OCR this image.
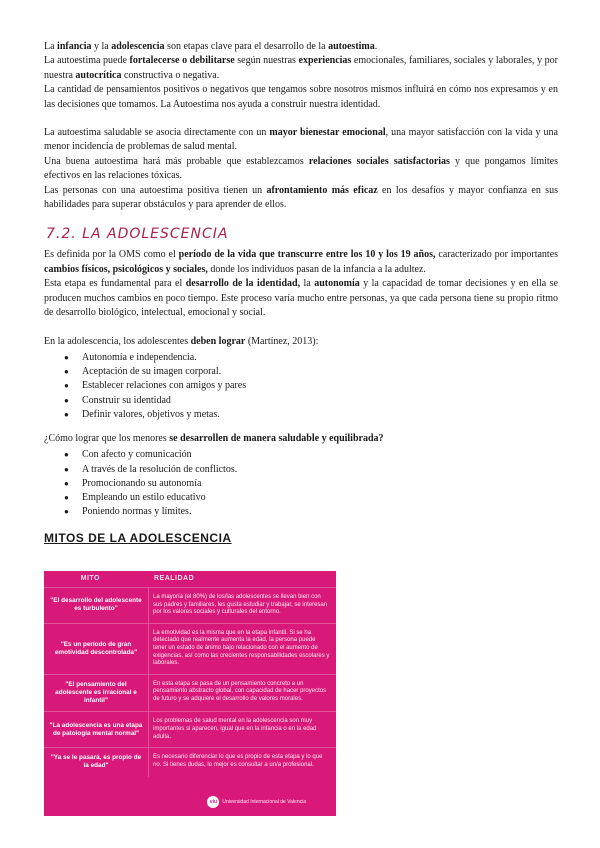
La infancia y la adolescencia son etapas clave para el desarrollo de la autoestima.

La autoestima puede fortalecerse o debilitarse según nuestras experiencias emocionales, familiares, sociales y laborales, y por nuestra autocrítica constructiva o negativa.

La cantidad de pensamientos positivos o negativos que tengamos sobre nosotros mismos influirá en cómo nos expresamos y en las decisiones que tomamos. La Autoestima nos ayuda a construir nuestra identidad.

La autoestima saludable se asocia directamente con un mayor bienestar emocional, una mayor satisfacción con la vida y una menor incidencia de problemas de salud mental.

Una buena autoestima hará más probable que establezcamos relaciones sociales satisfactorias y que pongamos límites efectivos en las relaciones tóxicas.

Las personas con una autoestima positiva tienen un afrontamiento más eficaz en los desafíos y mayor confianza en sus habilidades para superar obstáculos y para aprender de ellos.

7.2. LA ADOLESCENCIA

Es definida por la OMS como el período de la vida que transcurre entre los 10 y los 19 años, caracterizado por importantes cambios físicos, psicológicos y sociales, donde los individuos pasan de la infancia a la adultez.

Esta etapa es fundamental para el desarrollo de la identidad, la autonomía y la capacidad de tomar decisiones y en ella se producen muchos cambios en poco tiempo. Este proceso varía mucho entre personas, ya que cada persona tiene su propio ritmo de desarrollo biológico, intelectual, emocional y social.

En la adolescencia, los adolescentes deben lograr (Martínez, 2013):

● Autonomía e independencia.
● Aceptación de su imagen corporal.
● Establecer relaciones con amigos y pares
● Construir su identidad
● Definir valores, objetivos y metas.

¿Cómo lograr que los menores se desarrollen de manera saludable y equilibrada?

● Con afecto y comunicación
● A través de la resolución de conflictos.
● Promocionando su autonomía
● Empleando un estilo educativo
● Poniendo normas y límites.
MITOS DE LA ADOLESCENCIA
MITO	REALIDAD
"El desarrollo del adolescente es turbulento"
La mayoría (el 80%) de los/las adolescentes se llevan bien con sus padres y familiares, les gusta estudiar y trabajar, se interesan por los valores sociales y culturales del entorno.
"Es un período de gran emotividad descontrolada"
La emotividad es la misma que en la etapa infantil. Si se ha detectado que realmente aumenta la edad, la persona puede tener un estado de ánimo bajo relacionado con el aumento de exigencias, así como las crecientes responsabilidades escolares y laborales.
"El pensamiento del adolescente es irracional e infantil"
En esta etapa se pasa de un pensamiento concreto a un pensamiento abstracto global, con capacidad de hacer proyectos de futuro y se adquiere el desarrollo de valores morales.
"La adolescencia es una etapa de patología mental normal"
Los problemas de salud mental en la adolescencia son muy importantes si aparecen, igual que en la infancia o en la edad adulta.
"Ya se le pasará, es propio de la edad"
Es necesario diferenciar lo que es propio de esta etapa y lo que no. Si tienes dudas, lo mejor es consultar a un/a profesional.
viu	Universidad Internacional de Valencia
